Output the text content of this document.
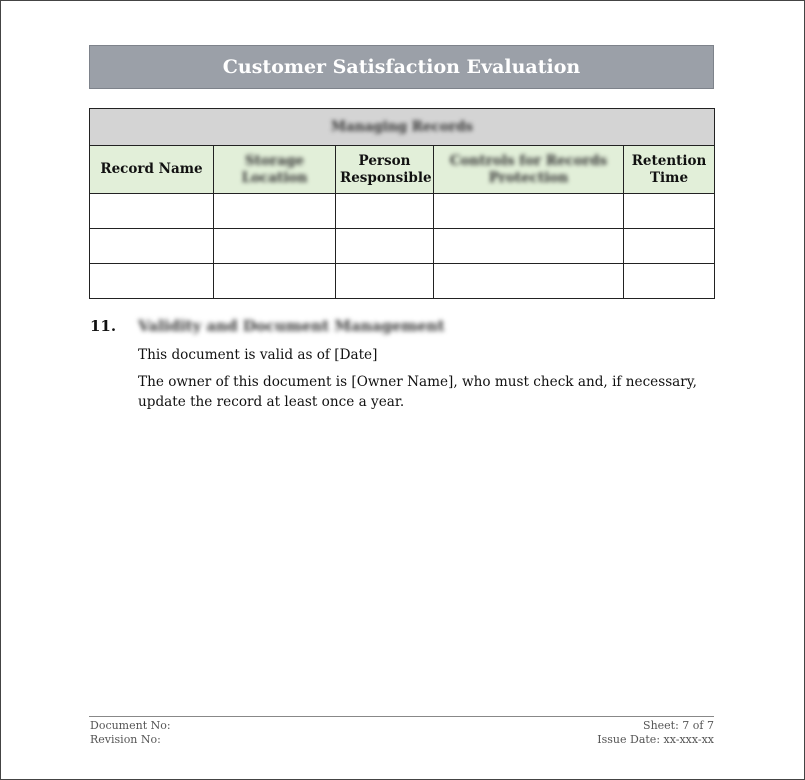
Customer Satisfaction Evaluation
Managing Records				
Record Name	Storage Location	Person Responsible	Controls for Records Protection	Retention Time

11. Validity and Document Management
This document is valid as of [Date]
The owner of this document is [Owner Name], who must check and, if necessary, update the record at least once a year.
Document No:
Revision No:
Sheet: 7 of 7
Issue Date: xx-xxx-xx
